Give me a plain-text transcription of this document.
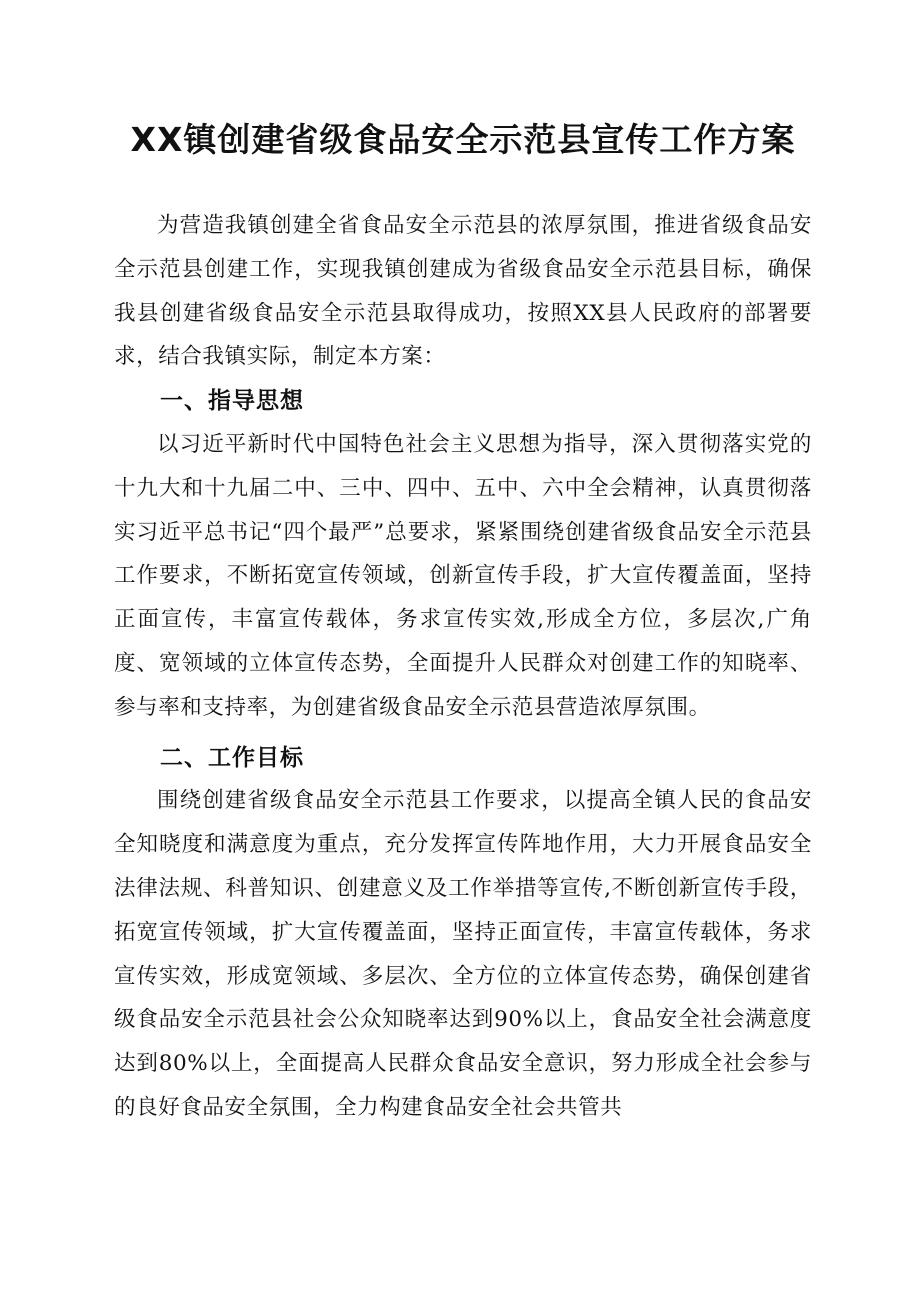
XX镇创建省级食品安全示范县宣传工作方案

为营造我镇创建全省食品安全示范县的浓厚氛围，推进省级食品安全示范县创建工作，实现我镇创建成为省级食品安全示范县目标，确保我县创建省级食品安全示范县取得成功，按照XX县人民政府的部署要求，结合我镇实际，制定本方案：

一、指导思想

以习近平新时代中国特色社会主义思想为指导，深入贯彻落实党的十九大和十九届二中、三中、四中、五中、六中全会精神，认真贯彻落实习近平总书记“四个最严”总要求，紧紧围绕创建省级食品安全示范县工作要求，不断拓宽宣传领域，创新宣传手段，扩大宣传覆盖面，坚持正面宣传，丰富宣传载体，务求宣传实效,形成全方位，多层次,广角度、宽领域的立体宣传态势，全面提升人民群众对创建工作的知晓率、参与率和支持率，为创建省级食品安全示范县营造浓厚氛围。

二、工作目标

围绕创建省级食品安全示范县工作要求，以提高全镇人民的食品安全知晓度和满意度为重点，充分发挥宣传阵地作用，大力开展食品安全法律法规、科普知识、创建意义及工作举措等宣传,不断创新宣传手段，拓宽宣传领域，扩大宣传覆盖面，坚持正面宣传，丰富宣传载体，务求宣传实效，形成宽领域、多层次、全方位的立体宣传态势，确保创建省级食品安全示范县社会公众知晓率达到90%以上，食品安全社会满意度达到80%以上，全面提高人民群众食品安全意识，努力形成全社会参与的良好食品安全氛围，全力构建食品安全社会共管共
